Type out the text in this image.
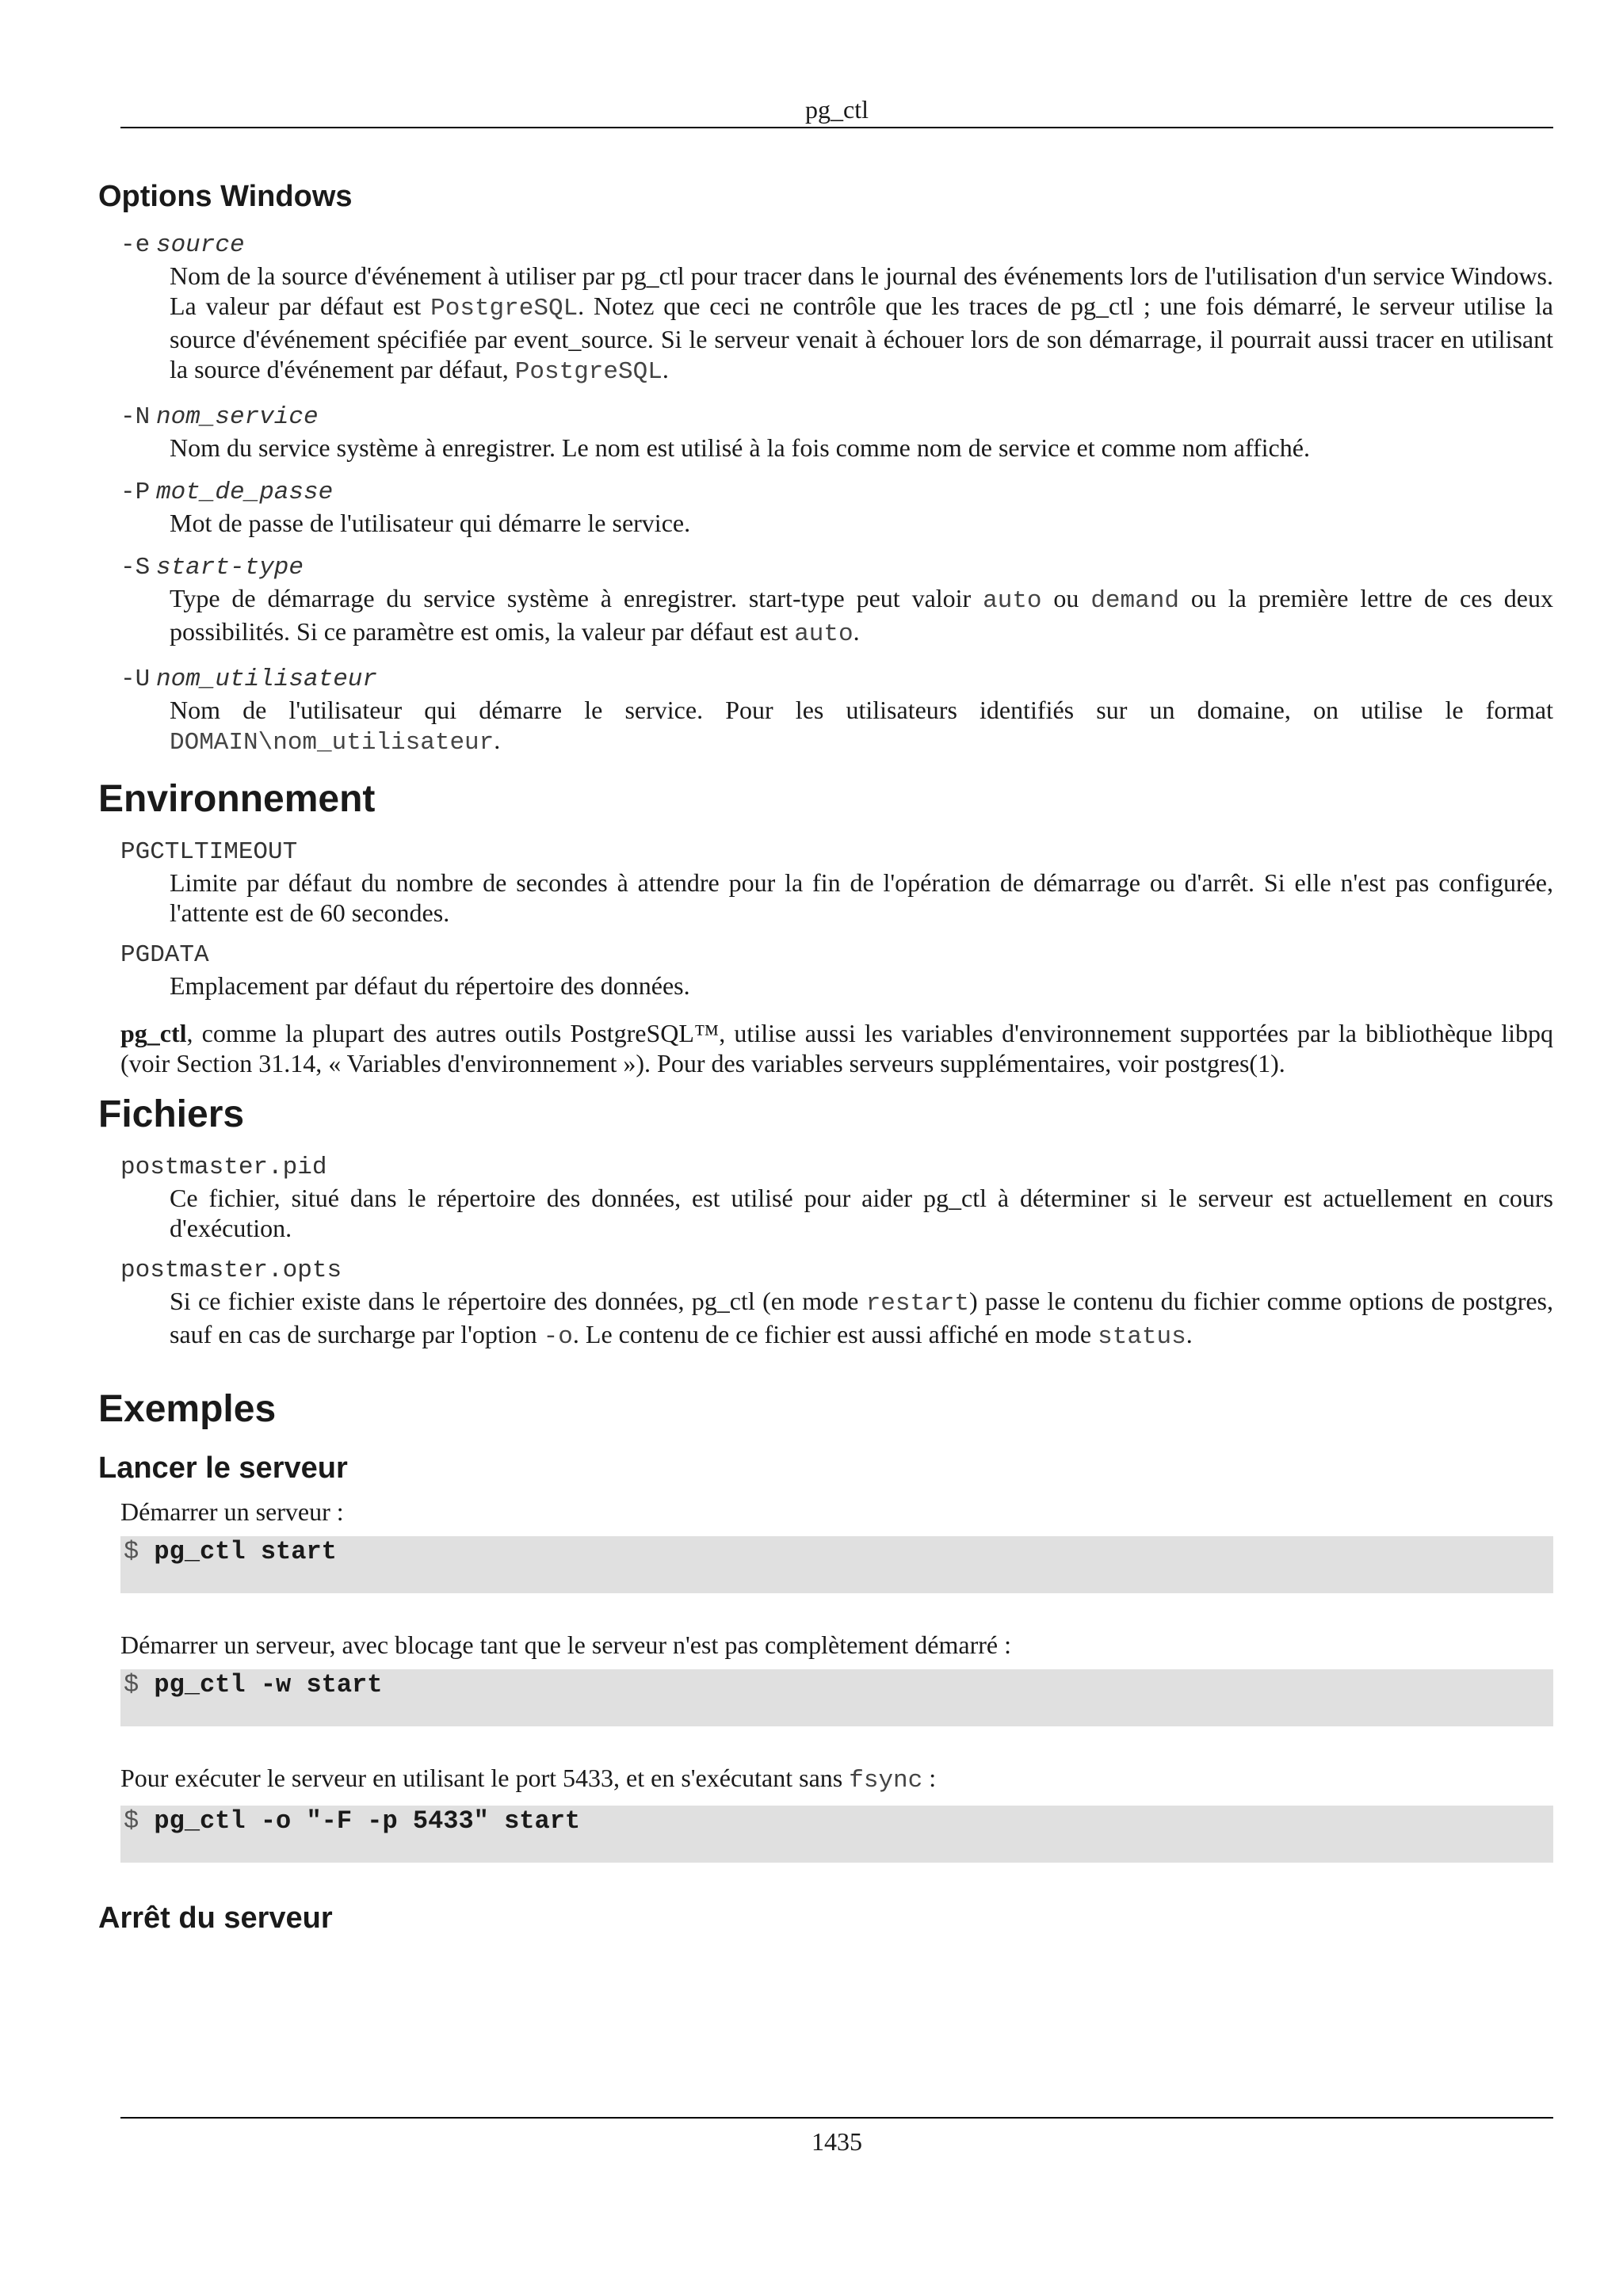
pg_ctl
Options Windows
-e source
Nom de la source d'événement à utiliser par pg_ctl pour tracer dans le journal des événements lors de l'utilisation d'un service Windows. La valeur par défaut est PostgreSQL. Notez que ceci ne contrôle que les traces de pg_ctl ; une fois démarré, le serveur utilise la source d'événement spécifiée par event_source. Si le serveur venait à échouer lors de son démarrage, il pourrait aussi tracer en utilisant la source d'événement par défaut, PostgreSQL.
-N nom_service
Nom du service système à enregistrer. Le nom est utilisé à la fois comme nom de service et comme nom affiché.
-P mot_de_passe
Mot de passe de l'utilisateur qui démarre le service.
-S start-type
Type de démarrage du service système à enregistrer. start-type peut valoir auto ou demand ou la première lettre de ces deux possibilités. Si ce paramètre est omis, la valeur par défaut est auto.
-U nom_utilisateur
Nom de l'utilisateur qui démarre le service. Pour les utilisateurs identifiés sur un domaine, on utilise le format DOMAIN\nom_utilisateur.
Environnement
PGCTLTIMEOUT
Limite par défaut du nombre de secondes à attendre pour la fin de l'opération de démarrage ou d'arrêt. Si elle n'est pas configurée, l'attente est de 60 secondes.
PGDATA
Emplacement par défaut du répertoire des données.
pg_ctl, comme la plupart des autres outils PostgreSQL™, utilise aussi les variables d'environnement supportées par la bibliothèque libpq (voir Section 31.14, « Variables d'environnement »). Pour des variables serveurs supplémentaires, voir postgres(1).
Fichiers
postmaster.pid
Ce fichier, situé dans le répertoire des données, est utilisé pour aider pg_ctl à déterminer si le serveur est actuellement en cours d'exécution.
postmaster.opts
Si ce fichier existe dans le répertoire des données, pg_ctl (en mode restart) passe le contenu du fichier comme options de postgres, sauf en cas de surcharge par l'option -o. Le contenu de ce fichier est aussi affiché en mode status.
Exemples
Lancer le serveur
Démarrer un serveur :
$ pg_ctl start
Démarrer un serveur, avec blocage tant que le serveur n'est pas complètement démarré :
$ pg_ctl -w start
Pour exécuter le serveur en utilisant le port 5433, et en s'exécutant sans fsync :
$ pg_ctl -o "-F -p 5433" start
Arrêt du serveur
1435
